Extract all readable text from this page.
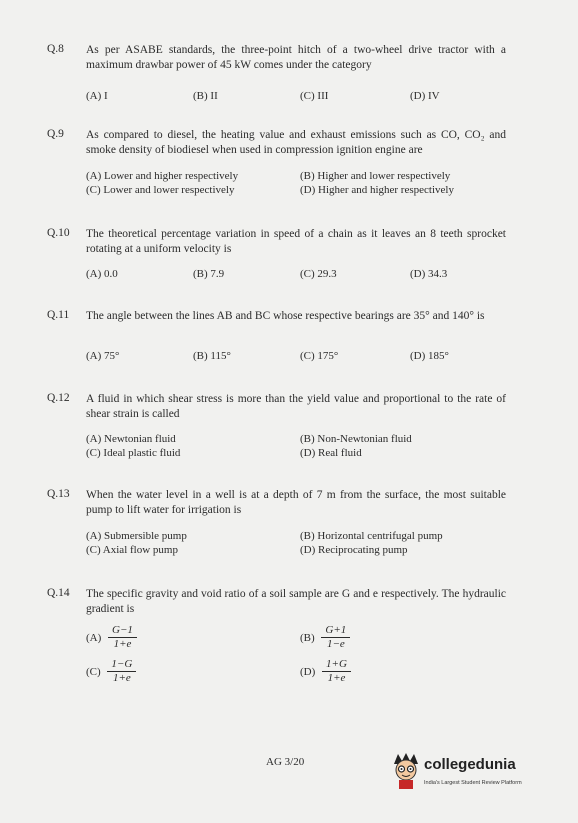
Q.8 As per ASABE standards, the three-point hitch of a two-wheel drive tractor with a maximum drawbar power of 45 kW comes under the category
(A) I	(B) II	(C) III	(D) IV
Q.9 As compared to diesel, the heating value and exhaust emissions such as CO, CO₂ and smoke density of biodiesel when used in compression ignition engine are
(A) Lower and higher respectively	(B) Higher and lower respectively
(C) Lower and lower respectively	(D) Higher and higher respectively
Q.10 The theoretical percentage variation in speed of a chain as it leaves an 8 teeth sprocket rotating at a uniform velocity is
(A) 0.0	(B) 7.9	(C) 29.3	(D) 34.3
Q.11 The angle between the lines AB and BC whose respective bearings are 35° and 140° is
(A) 75°	(B) 115°	(C) 175°	(D) 185°
Q.12 A fluid in which shear stress is more than the yield value and proportional to the rate of shear strain is called
(A) Newtonian fluid	(B) Non-Newtonian fluid
(C) Ideal plastic fluid	(D) Real fluid
Q.13 When the water level in a well is at a depth of 7 m from the surface, the most suitable pump to lift water for irrigation is
(A) Submersible pump	(B) Horizontal centrifugal pump
(C) Axial flow pump	(D) Reciprocating pump
Q.14 The specific gravity and void ratio of a soil sample are G and e respectively. The hydraulic gradient is
$(A) \frac{G-1}{1+e}$	$(B) \frac{G+1}{1-e}$
$(C) \frac{1-G}{1+e}$	$(D) \frac{1+G}{1+e}$
AG 3/20	collegedunia
India's Largest Student Review Platform
